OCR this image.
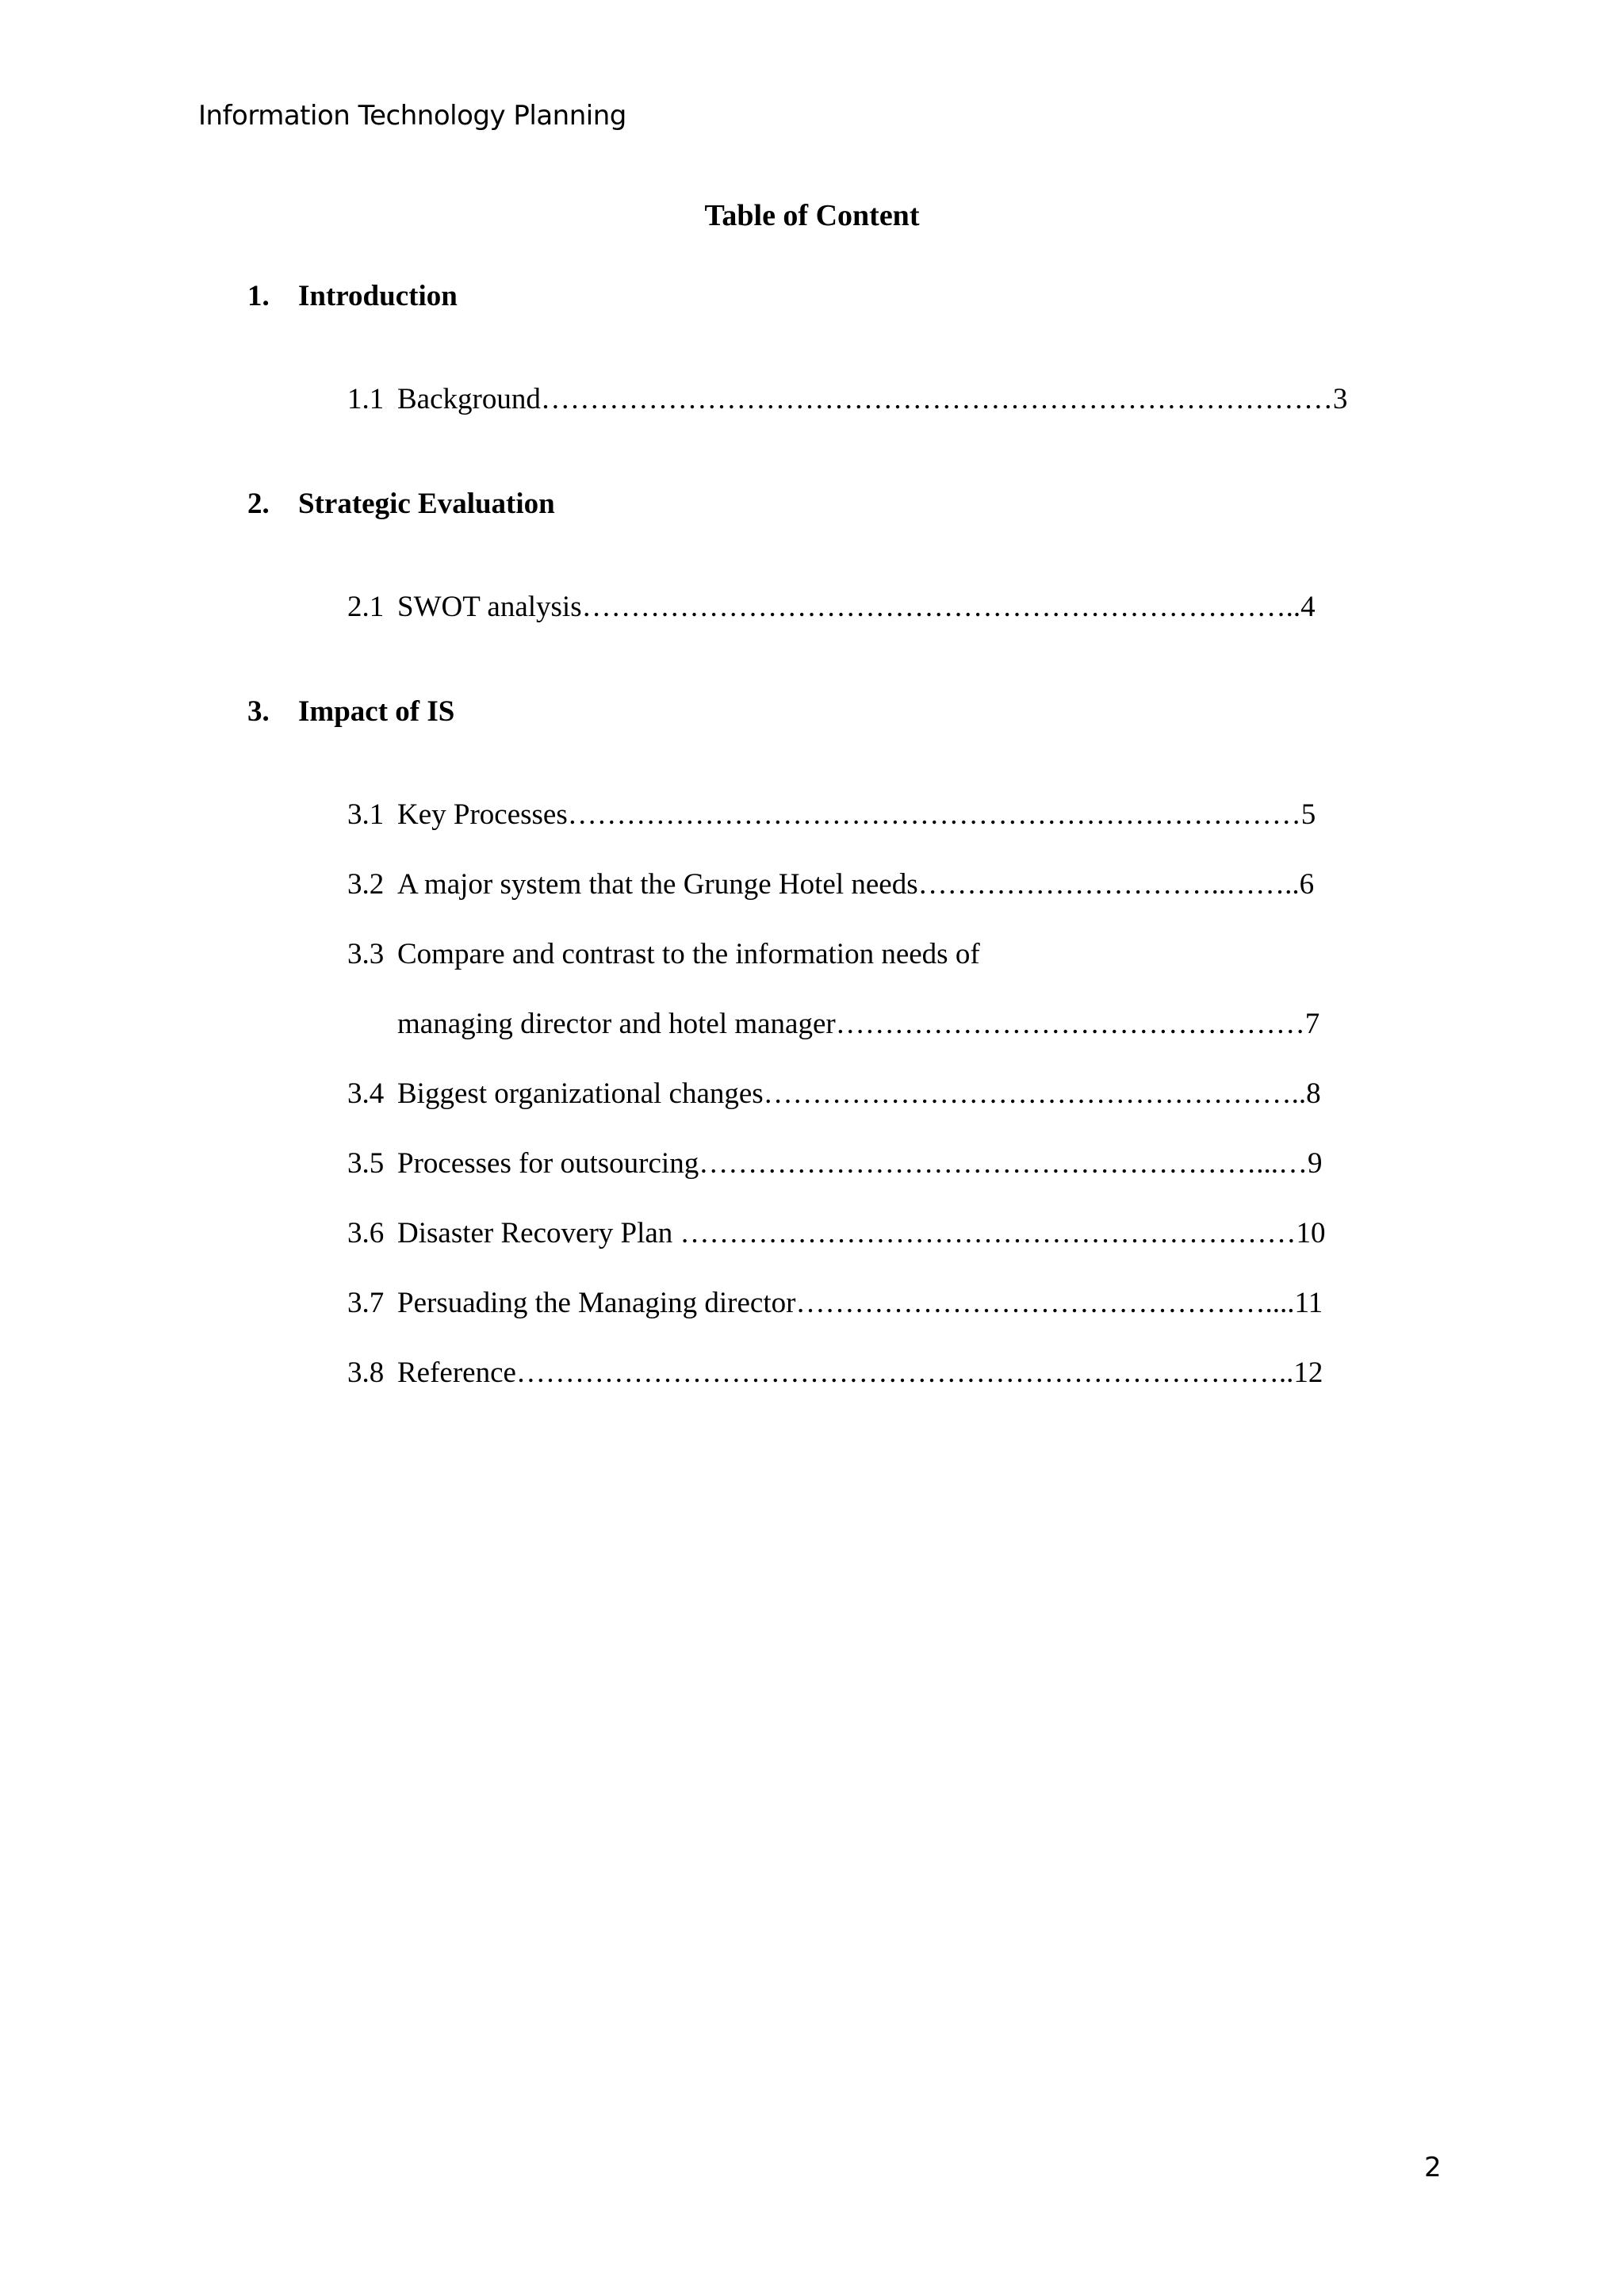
Information Technology Planning
Table of Content
1. Introduction
1.1 Background………………………………………………………………………3
2. Strategic Evaluation
2.1 SWOT analysis………………………………………………………………..4
3. Impact of IS
3.1 Key Processes…………………………………………………………………5
3.2 A major system that the Grunge Hotel needs…………………………..……..6
3.3 Compare and contrast to the information needs of
managing director and hotel manager…………………………………………7
3.4 Biggest organizational changes………………………………………………..8
3.5 Processes for outsourcing…………………………………………………...…9
3.6 Disaster Recovery Plan ………………………………………………………10
3.7 Persuading the Managing director…………………………………………....11
3.8 Reference……………………………………………………………………..12
2
